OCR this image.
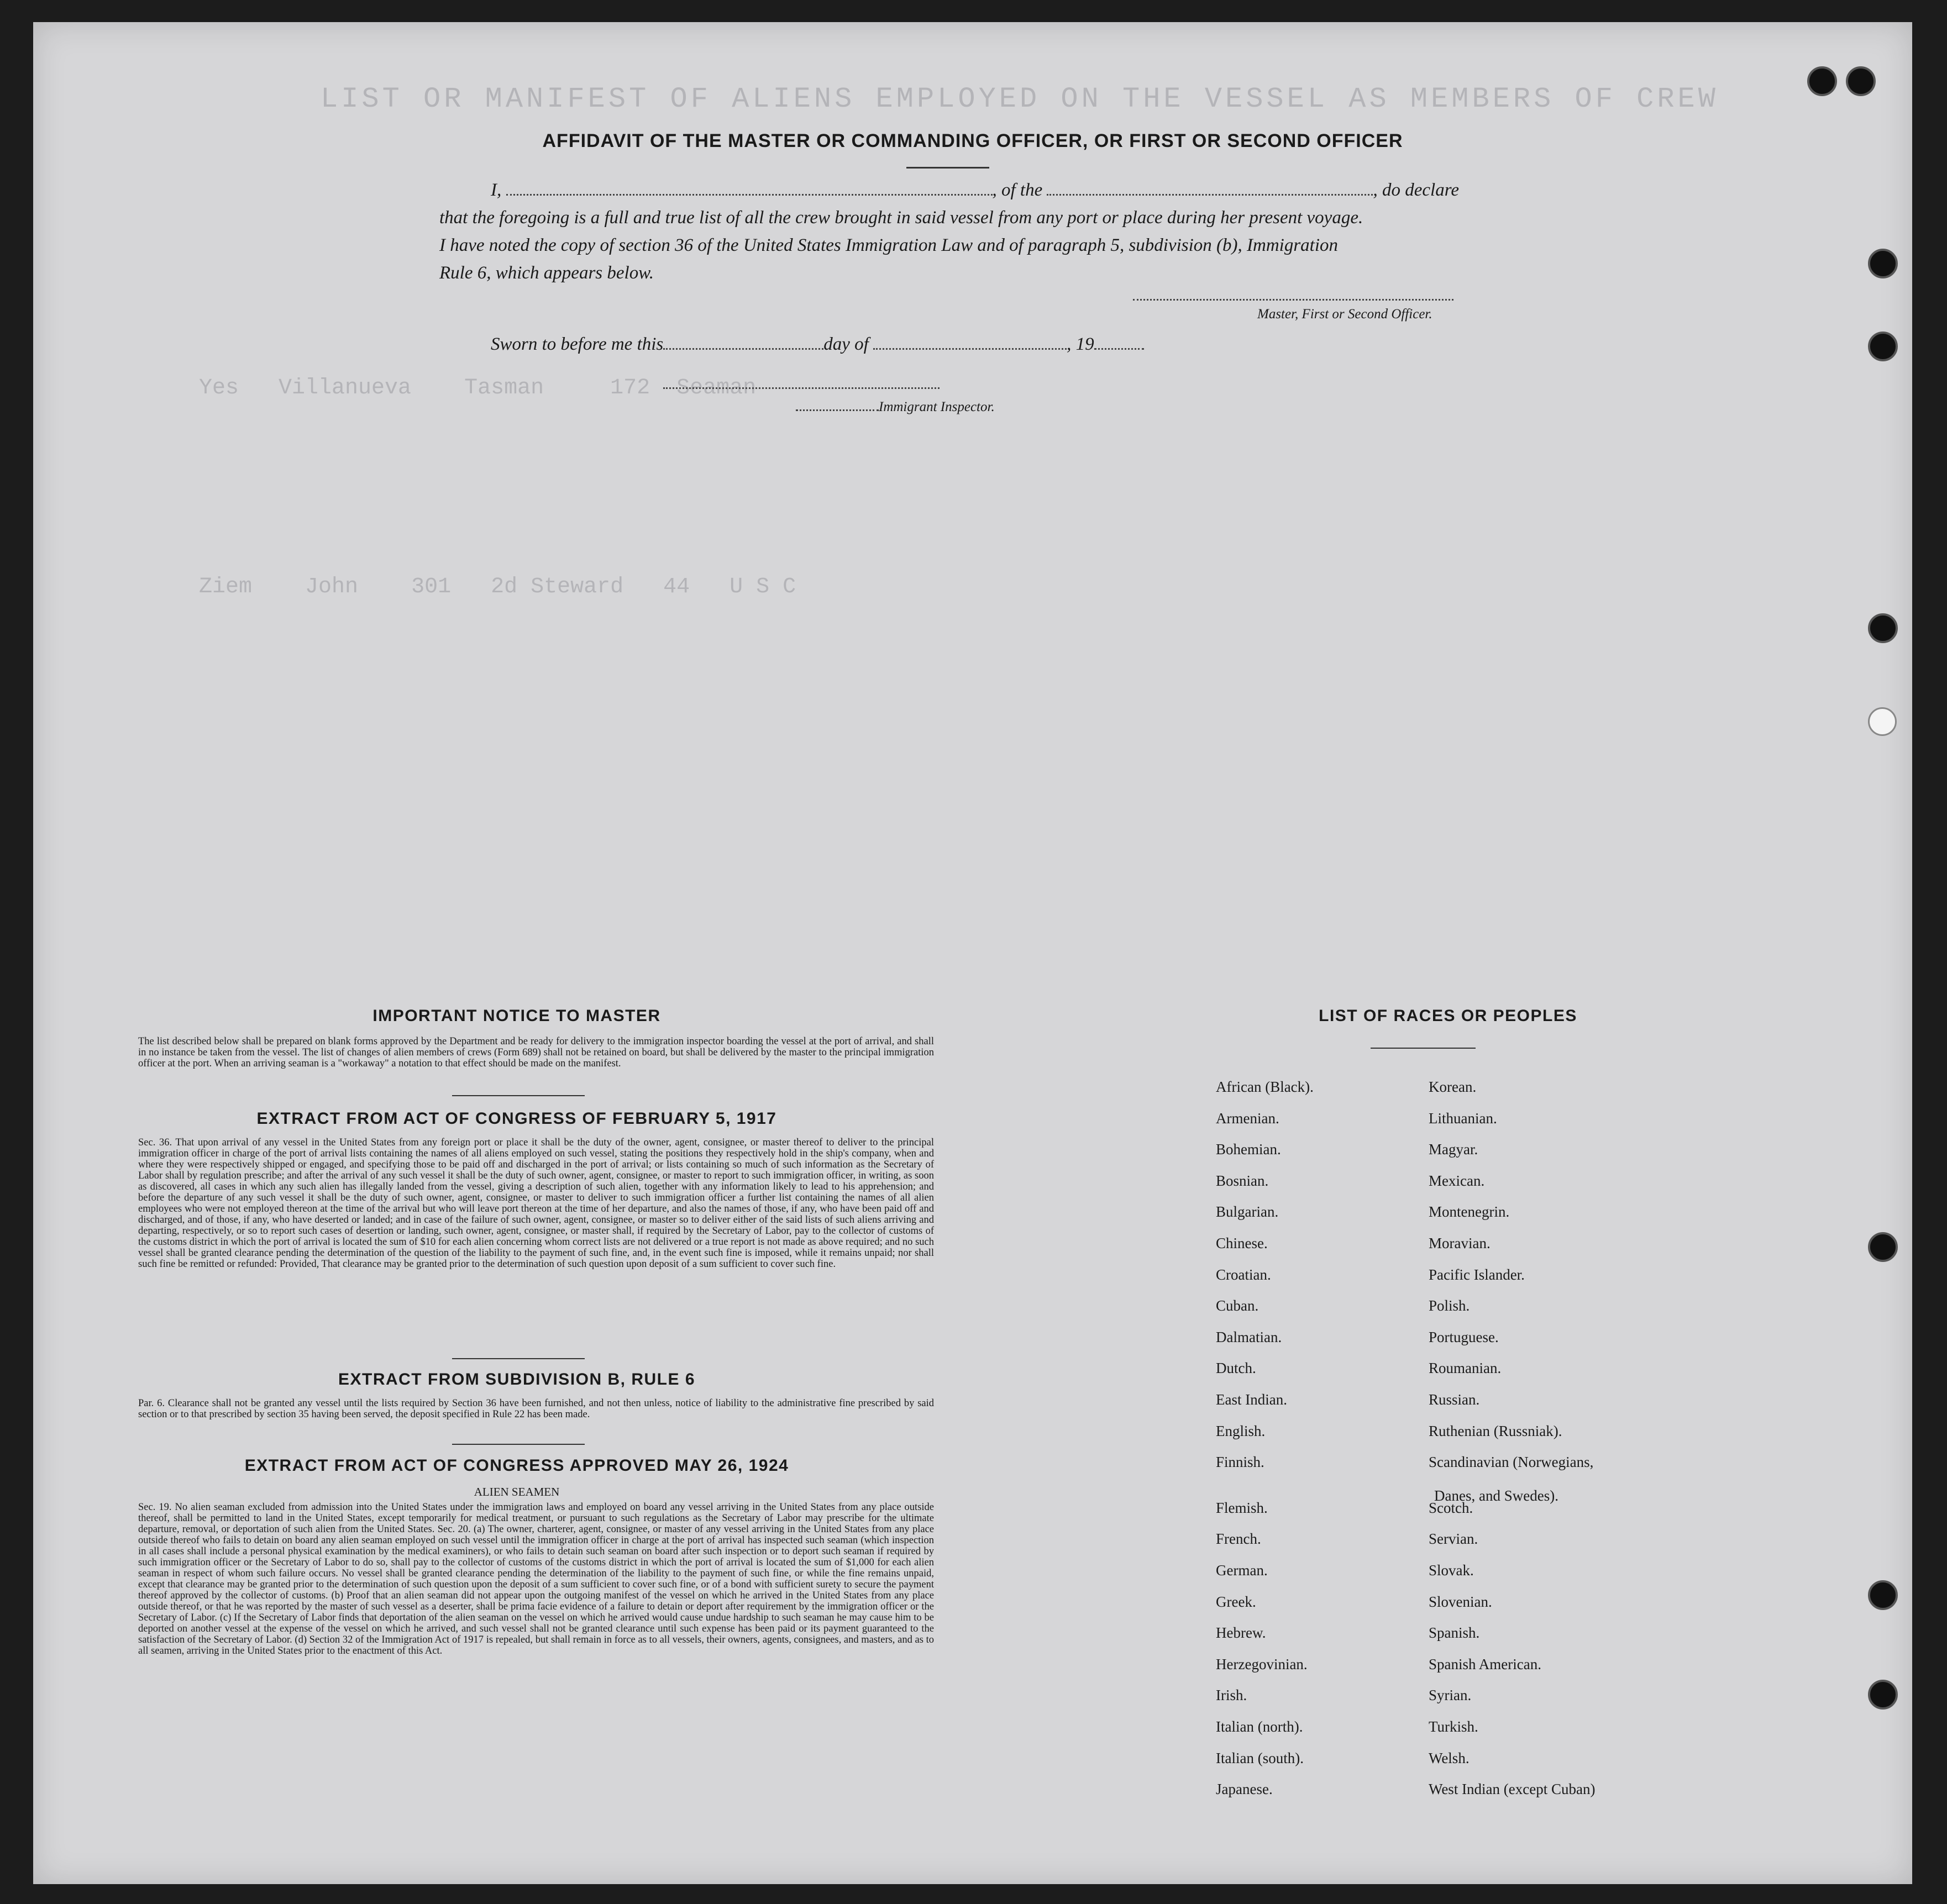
LIST OR MANIFEST OF ALIENS EMPLOYED ON THE VESSEL AS MEMBERS OF CREW
Yes   Villanueva    Tasman     172  Seaman
Ziem    John    301   2d Steward   44   U S C
AFFIDAVIT OF THE MASTER OR COMMANDING OFFICER, OR FIRST OR SECOND OFFICER
I,	, of the	, do declare
that the foregoing is a full and true list of all the crew brought in said vessel from any port or place during her present voyage.
I have noted the copy of section 36 of the United States Immigration Law and of paragraph 5, subdivision (b), Immigration
Rule 6, which appears below.
Master, First or Second Officer.
Sworn to before me this	day of	, 19
Immigrant Inspector.
IMPORTANT NOTICE TO MASTER

The list described below shall be prepared on blank forms approved by the Department and be ready for delivery to the immigration inspector boarding the vessel at the port of arrival, and shall in no instance be taken from the vessel. The list of changes of alien members of crews (Form 689) shall not be retained on board, but shall be delivered by the master to the principal immigration officer at the port. When an arriving seaman is a "workaway" a notation to that effect should be made on the manifest.

EXTRACT FROM ACT OF CONGRESS OF FEBRUARY 5, 1917

Sec. 36. That upon arrival of any vessel in the United States from any foreign port or place it shall be the duty of the owner, agent, consignee, or master thereof to deliver to the principal immigration officer in charge of the port of arrival lists containing the names of all aliens employed on such vessel, stating the positions they respectively hold in the ship's company, when and where they were respectively shipped or engaged, and specifying those to be paid off and discharged in the port of arrival; or lists containing so much of such information as the Secretary of Labor shall by regulation prescribe; and after the arrival of any such vessel it shall be the duty of such owner, agent, consignee, or master to report to such immigration officer, in writing, as soon as discovered, all cases in which any such alien has illegally landed from the vessel, giving a description of such alien, together with any information likely to lead to his apprehension; and before the departure of any such vessel it shall be the duty of such owner, agent, consignee, or master to deliver to such immigration officer a further list containing the names of all alien employees who were not employed thereon at the time of the arrival but who will leave port thereon at the time of her departure, and also the names of those, if any, who have been paid off and discharged, and of those, if any, who have deserted or landed; and in case of the failure of such owner, agent, consignee, or master so to deliver either of the said lists of such aliens arriving and departing, respectively, or so to report such cases of desertion or landing, such owner, agent, consignee, or master shall, if required by the Secretary of Labor, pay to the collector of customs of the customs district in which the port of arrival is located the sum of $10 for each alien concerning whom correct lists are not delivered or a true report is not made as above required; and no such vessel shall be granted clearance pending the determination of the question of the liability to the payment of such fine, and, in the event such fine is imposed, while it remains unpaid; nor shall such fine be remitted or refunded: Provided, That clearance may be granted prior to the determination of such question upon deposit of a sum sufficient to cover such fine.

EXTRACT FROM SUBDIVISION B, RULE 6

Par. 6. Clearance shall not be granted any vessel until the lists required by Section 36 have been furnished, and not then unless, notice of liability to the administrative fine prescribed by said section or to that prescribed by section 35 having been served, the deposit specified in Rule 22 has been made.

EXTRACT FROM ACT OF CONGRESS APPROVED MAY 26, 1924
ALIEN SEAMEN

Sec. 19. No alien seaman excluded from admission into the United States under the immigration laws and employed on board any vessel arriving in the United States from any place outside thereof, shall be permitted to land in the United States, except temporarily for medical treatment, or pursuant to such regulations as the Secretary of Labor may prescribe for the ultimate departure, removal, or deportation of such alien from the United States. Sec. 20. (a) The owner, charterer, agent, consignee, or master of any vessel arriving in the United States from any place outside thereof who fails to detain on board any alien seaman employed on such vessel until the immigration officer in charge at the port of arrival has inspected such seaman (which inspection in all cases shall include a personal physical examination by the medical examiners), or who fails to detain such seaman on board after such inspection or to deport such seaman if required by such immigration officer or the Secretary of Labor to do so, shall pay to the collector of customs of the customs district in which the port of arrival is located the sum of $1,000 for each alien seaman in respect of whom such failure occurs. No vessel shall be granted clearance pending the determination of the liability to the payment of such fine, or while the fine remains unpaid, except that clearance may be granted prior to the determination of such question upon the deposit of a sum sufficient to cover such fine, or of a bond with sufficient surety to secure the payment thereof approved by the collector of customs. (b) Proof that an alien seaman did not appear upon the outgoing manifest of the vessel on which he arrived in the United States from any place outside thereof, or that he was reported by the master of such vessel as a deserter, shall be prima facie evidence of a failure to detain or deport after requirement by the immigration officer or the Secretary of Labor. (c) If the Secretary of Labor finds that deportation of the alien seaman on the vessel on which he arrived would cause undue hardship to such seaman he may cause him to be deported on another vessel at the expense of the vessel on which he arrived, and such vessel shall not be granted clearance until such expense has been paid or its payment guaranteed to the satisfaction of the Secretary of Labor. (d) Section 32 of the Immigration Act of 1917 is repealed, but shall remain in force as to all vessels, their owners, agents, consignees, and masters, and as to all seamen, arriving in the United States prior to the enactment of this Act.

LIST OF RACES OR PEOPLES
African (Black).
Armenian.
Bohemian.
Bosnian.
Bulgarian.
Chinese.
Croatian.
Cuban.
Dalmatian.
Dutch.
East Indian.
English.
Finnish.
Flemish.
French.
German.
Greek.
Hebrew.
Herzegovinian.
Irish.
Italian (north).
Italian (south).
Japanese.
Korean.
Lithuanian.
Magyar.
Mexican.
Montenegrin.
Moravian.
Pacific Islander.
Polish.
Portuguese.
Roumanian.
Russian.
Ruthenian (Russniak).
Scandinavian (Norwegians,
Scotch.
Servian.
Slovak.
Slovenian.
Spanish.
Spanish American.
Syrian.
Turkish.
Welsh.
West Indian (except Cuban)
Danes, and Swedes).
